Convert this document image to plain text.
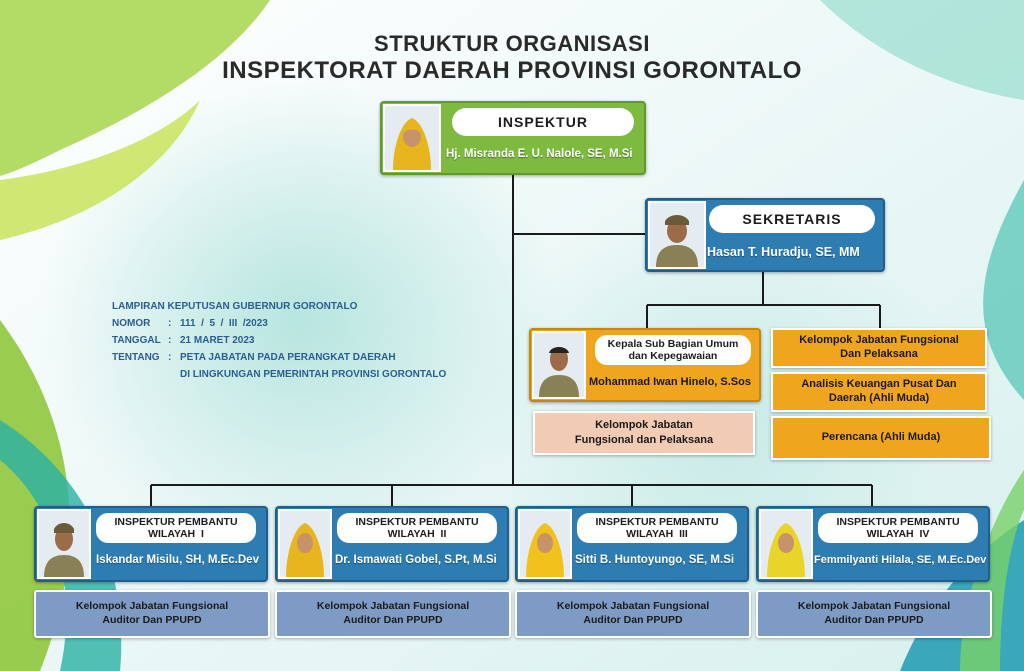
STRUKTUR ORGANISASI
INSPEKTORAT DAERAH PROVINSI GORONTALO
INSPEKTUR
Hj. Misranda E. U. Nalole, SE, M.Si
SEKRETARIS
Hasan T. Huradju, SE, MM
Kepala Sub Bagian Umum dan Kepegawaian
Mohammad Iwan Hinelo, S.Sos
Kelompok Jabatan Fungsional dan Pelaksana
Kelompok Jabatan Fungsional Dan Pelaksana
Analisis Keuangan Pusat Dan Daerah (Ahli Muda)
Perencana (Ahli Muda)
LAMPIRAN KEPUTUSAN GUBERNUR GORONTALO
NOMOR : 111  /  5  /  III  /2023
TANGGAL : 21 MARET 2023
TENTANG : PETA JABATAN PADA PERANGKAT DAERAH
DI LINGKUNGAN PEMERINTAH PROVINSI GORONTALO
INSPEKTUR PEMBANTU
WILAYAH  I
Iskandar Misilu, SH, M.Ec.Dev
Kelompok Jabatan Fungsional
Auditor Dan PPUPD
INSPEKTUR PEMBANTU
WILAYAH  II
Dr. Ismawati Gobel, S.Pt, M.Si
Kelompok Jabatan Fungsional
Auditor Dan PPUPD
INSPEKTUR PEMBANTU
WILAYAH  III
Sitti B. Huntoyungo, SE, M.Si
Kelompok Jabatan Fungsional
Auditor Dan PPUPD
INSPEKTUR PEMBANTU
WILAYAH  IV
Femmilyanti Hilala, SE, M.Ec.Dev
Kelompok Jabatan Fungsional
Auditor Dan PPUPD
